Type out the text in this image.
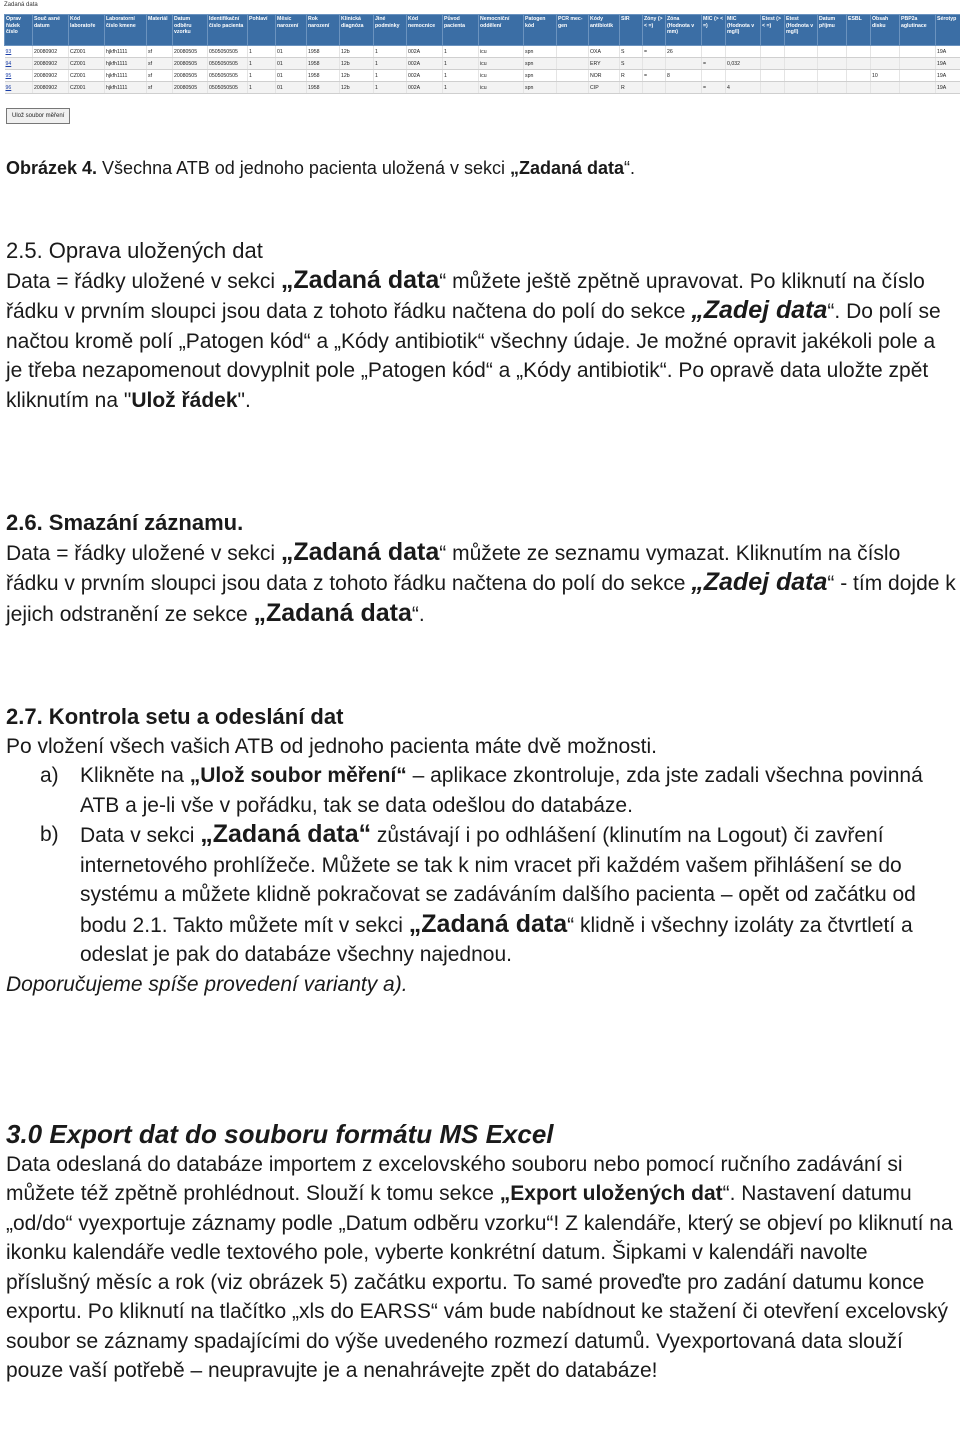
Zadaná data
Oprav řádek číslo	Souč asné datum	Kód laboratoře	Laboratorní číslo kmene	Materiál	Datum odběru vzorku	Identifikační číslo pacienta	Pohlaví	Měsíc narození	Rok narození	Klinická diagnóza	Jiné podmínky	Kód nemocnice	Původ pacienta	Nemocniční oddělení	Patogen kód	PCR mec-gen	Kódy antibiotik	SIR	Zóny (> < =)	Zóna (Hodnota v mm)	MIC (> < =)	MIC (Hodnota v mg/l)	Etest (> < =)	Etest (Hodnota v mg/l)	Datum příjmu	ESBL	Obsah disku	PBP2a aglutinace	Sérotyp
93	20080902	CZ001	hjkfh1111	sf	20080505	0505050505	1	01	1958	12b	1	002A	1	icu	spn		OXA	S	=	26									19A
94	20080902	CZ001	hjkfh1111	sf	20080505	0505050505	1	01	1958	12b	1	002A	1	icu	spn		ERY	S			=	0,032							19A
95	20080902	CZ001	hjkfh1111	sf	20080505	0505050505	1	01	1958	12b	1	002A	1	icu	spn		NOR	R	=	8							10		19A
96	20080902	CZ001	hjkfh1111	sf	20080505	0505050505	1	01	1958	12b	1	002A	1	icu	spn		CIP	R			=	4							19A
Ulož soubor měření
Obrázek 4. Všechna ATB od jednoho pacienta uložená v sekci „Zadaná data“.
2.5. Oprava uložených dat

Data = řádky uložené v sekci „Zadaná data“ můžete ještě zpětně upravovat. Po kliknutí na číslo řádku v prvním sloupci jsou data z tohoto řádku načtena do polí do sekce „Zadej data“. Do polí se načtou kromě polí „Patogen kód“ a „Kódy antibiotik“ všechny údaje. Je možné opravit jakékoli pole a je třeba nezapomenout dovyplnit pole „Patogen kód“ a „Kódy antibiotik“. Po opravě data uložte zpět kliknutím na "Ulož řádek".

2.6. Smazání záznamu.

Data = řádky uložené v sekci „Zadaná data“ můžete ze seznamu vymazat. Kliknutím na číslo řádku v prvním sloupci jsou data z tohoto řádku načtena do polí do sekce „Zadej data“ - tím dojde k jejich odstranění ze sekce „Zadaná data“.

2.7. Kontrola setu a odeslání dat

Po vložení všech vašich ATB od jednoho pacienta máte dvě možnosti.

a)	Klikněte na „Ulož soubor měření“ – aplikace zkontroluje, zda jste zadali všechna povinná ATB a je-li vše v pořádku, tak se data odešlou do databáze.
b)	Data v sekci „Zadaná data“ zůstávají i po odhlášení (klinutím na Logout) či zavření internetového prohlížeče. Můžete se tak k nim vracet při každém vašem přihlášení se do systému a můžete klidně pokračovat se zadáváním dalšího pacienta – opět od začátku od bodu 2.1. Takto můžete mít v sekci „Zadaná data“ klidně i všechny izoláty za čtvrtletí a odeslat je pak do databáze všechny najednou.
Doporučujeme spíše provedení varianty a).
3.0 Export dat do souboru formátu MS Excel

Data odeslaná do databáze importem z excelovského souboru nebo pomocí ručního zadávání si můžete též zpětně prohlédnout. Slouží k tomu sekce „Export uložených dat“. Nastavení datumu „od/do“ vyexportuje záznamy podle „Datum odběru vzorku“! Z kalendáře, který se objeví po kliknutí na ikonku kalendáře vedle textového pole, vyberte konkrétní datum. Šipkami v kalendáři navolte příslušný měsíc a rok (viz obrázek 5) začátku exportu. To samé proveďte pro zadání datumu konce exportu. Po kliknutí na tlačítko „xls do EARSS“ vám bude nabídnout ke stažení či otevření excelovský soubor se záznamy spadajícími do výše uvedeného rozmezí datumů. Vyexportovaná data slouží pouze vaší potřebě – neupravujte je a nenahrávejte zpět do databáze!
